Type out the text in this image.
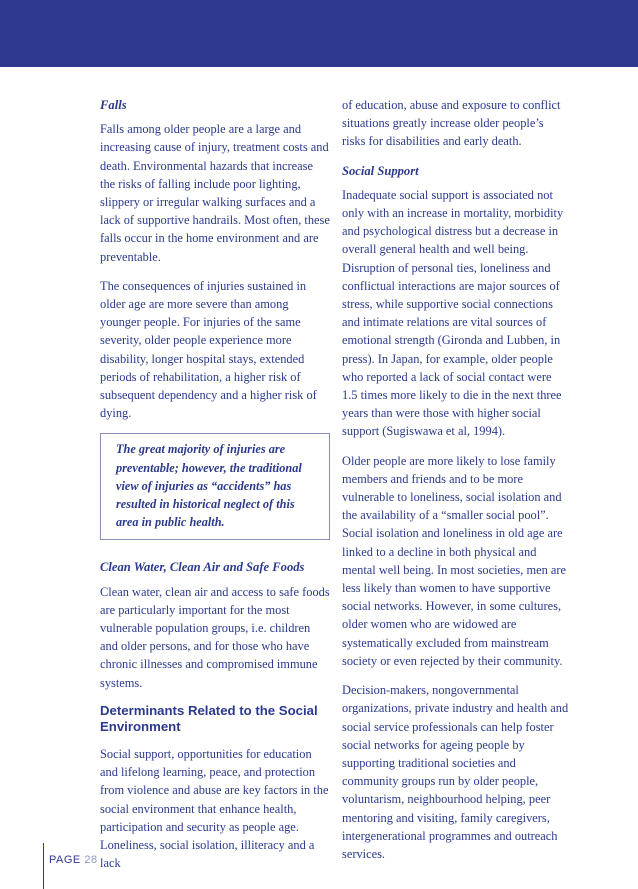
Falls

Falls among older people are a large and increasing cause of injury, treatment costs and death. Environmental hazards that increase the risks of falling include poor lighting, slippery or irregular walking surfaces and a lack of supportive handrails. Most often, these falls occur in the home environment and are preventable.

The consequences of injuries sustained in older age are more severe than among younger people. For injuries of the same severity, older people experience more disability, longer hospital stays, extended periods of rehabilitation, a higher risk of subsequent dependency and a higher risk of dying.

The great majority of injuries are preventable; however, the traditional view of injuries as “accidents” has resulted in historical neglect of this area in public health.
Clean Water, Clean Air and Safe Foods

Clean water, clean air and access to safe foods are particularly important for the most vulnerable population groups, i.e. children and older persons, and for those who have chronic illnesses and compromised immune systems.

Determinants Related to the Social Environment

Social support, opportunities for education and lifelong learning, peace, and protection from violence and abuse are key factors in the social environment that enhance health, participation and security as people age. Loneliness, social isolation, illiteracy and a lack

of education, abuse and exposure to conflict situations greatly increase older people’s risks for disabilities and early death.

Social Support

Inadequate social support is associated not only with an increase in mortality, morbidity and psychological distress but a decrease in overall general health and well being. Disruption of personal ties, loneliness and conflictual interactions are major sources of stress, while supportive social connections and intimate relations are vital sources of emotional strength (Gironda and Lubben, in press). In Japan, for example, older people who reported a lack of social contact were 1.5 times more likely to die in the next three years than were those with higher social support (Sugiswawa et al, 1994).

Older people are more likely to lose family members and friends and to be more vulnerable to loneliness, social isolation and the availability of a “smaller social pool”. Social isolation and loneliness in old age are linked to a decline in both physical and mental well being. In most societies, men are less likely than women to have supportive social networks. However, in some cultures, older women who are widowed are systematically excluded from mainstream society or even rejected by their community.

Decision-makers, nongovernmental organizations, private industry and health and social service professionals can help foster social networks for ageing people by supporting traditional societies and community groups run by older people, voluntarism, neighbourhood helping, peer mentoring and visiting, family caregivers, intergenerational programmes and outreach services.

PAGE 28
